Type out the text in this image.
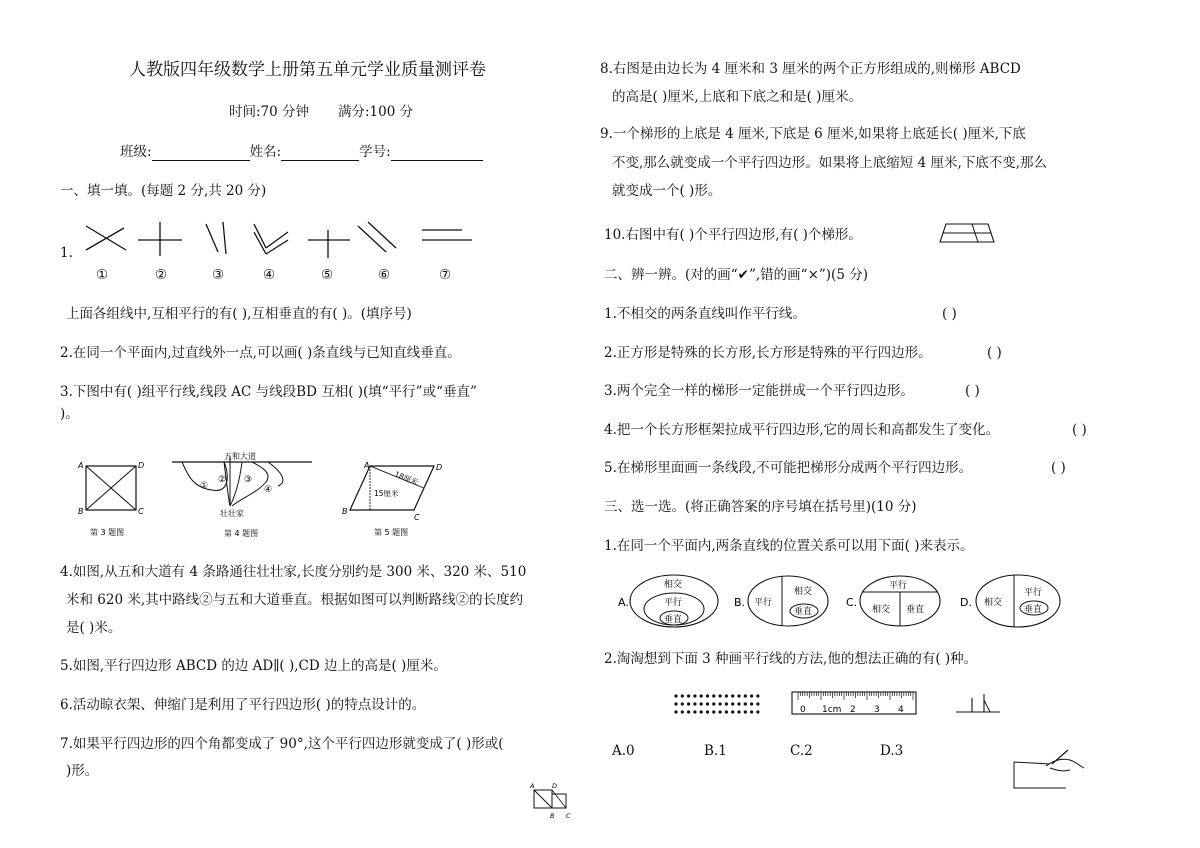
人教版四年级数学上册第五单元学业质量测评卷
时间:70 分钟 满分:100 分
班级:	姓名:	学号:
一、填一填。(每题 2 分,共 20 分)
1.
①	②	③	④	⑤	⑥	⑦
上面各组线中,互相平行的有( ),互相垂直的有( )。(填序号)
2.在同一个平面内,过直线外一点,可以画( )条直线与已知直线垂直。
3.下图中有( )组平行线,线段 AC 与线段BD 互相( )(填“平行”或“垂直”
)。
A	D
B	C
第 3 题图
五和大道
①
② ③
④
壮壮家
第 4 题图
A	D
B
C
18厘米
15厘米
第 5 题图
4.如图,从五和大道有 4 条路通往壮壮家,长度分别约是 300 米、320 米、510
米和 620 米,其中路线②与五和大道垂直。根据如图可以判断路线②的长度约
是( )米。
5.如图,平行四边形 ABCD 的边 AD∥( ),CD 边上的高是( )厘米。
6.活动晾衣架、伸缩门是利用了平行四边形( )的特点设计的。
7.如果平行四边形的四个角都变成了 90°,这个平行四边形就变成了( )形或(
)形。
A	D
B C
8.右图是由边长为 4 厘米和 3 厘米的两个正方形组成的,则梯形 ABCD
的高是( )厘米,上底和下底之和是( )厘米。
9.一个梯形的上底是 4 厘米,下底是 6 厘米,如果将上底延长( )厘米,下底
不变,那么就变成一个平行四边形。如果将上底缩短 4 厘米,下底不变,那么
就变成一个( )形。
10.右图中有( )个平行四边形,有( )个梯形。
二、辨一辨。(对的画“✔”,错的画“×”)(5 分)
1.不相交的两条直线叫作平行线。	( )
2.正方形是特殊的长方形,长方形是特殊的平行四边形。	( )
3.两个完全一样的梯形一定能拼成一个平行四边形。	( )
4.把一个长方形框架拉成平行四边形,它的周长和高都发生了变化。	( )
5.在梯形里面画一条线段,不可能把梯形分成两个平行四边形。	( )
三、选一选。(将正确答案的序号填在括号里)(10 分)
1.在同一个平面内,两条直线的位置关系可以用下面( )来表示。
A.
相交
平行
垂直
B. 平行
相交
垂直
C.
平行
相交 垂直
D. 相交
平行
垂直
2.淘淘想到下面 3 种画平行线的方法,他的想法正确的有( )种。
0 1cm 2 3 4
A.0	B.1	C.2	D.3
